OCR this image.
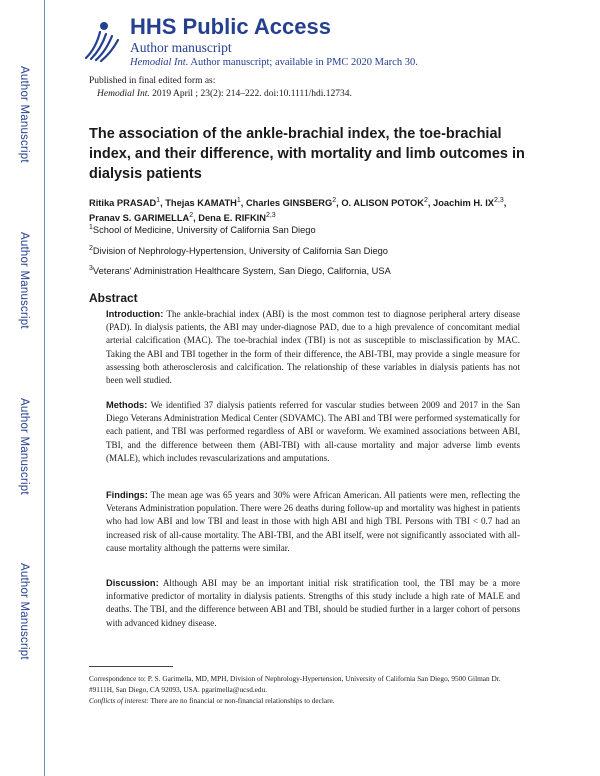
Author Manuscript
Author Manuscript
Author Manuscript
Author Manuscript
HHS Public Access
Author manuscript
Hemodial Int. Author manuscript; available in PMC 2020 March 30.
Published in final edited form as:
Hemodial Int. 2019 April ; 23(2): 214–222. doi:10.1111/hdi.12734.
The association of the ankle-brachial index, the toe-brachial index, and their difference, with mortality and limb outcomes in dialysis patients
Ritika PRASAD$^1$, Thejas KAMATH$^1$, Charles GINSBERG$^2$, O. ALISON POTOK$^2$, Joachim H. IX$^{2,3}$, Pranav S. GARIMELLA$^2$, Dena E. RIFKIN$^{2,3}$
$^1$School of Medicine, University of California San Diego
$^2$Division of Nephrology-Hypertension, University of California San Diego
$^3$Veterans' Administration Healthcare System, San Diego, California, USA
Abstract
Introduction: The ankle-brachial index (ABI) is the most common test to diagnose peripheral artery disease (PAD). In dialysis patients, the ABI may under-diagnose PAD, due to a high prevalence of concomitant medial arterial calcification (MAC). The toe-brachial index (TBI) is not as susceptible to misclassification by MAC. Taking the ABI and TBI together in the form of their difference, the ABI-TBI, may provide a single measure for assessing both atherosclerosis and calcification. The relationship of these variables in dialysis patients has not been well studied.
Methods: We identified 37 dialysis patients referred for vascular studies between 2009 and 2017 in the San Diego Veterans Administration Medical Center (SDVAMC). The ABI and TBI were performed systematically for each patient, and TBI was performed regardless of ABI or waveform. We examined associations between ABI, TBI, and the difference between them (ABI-TBI) with all-cause mortality and major adverse limb events (MALE), which includes revascularizations and amputations.
Findings: The mean age was 65 years and 30% were African American. All patients were men, reflecting the Veterans Administration population. There were 26 deaths during follow-up and mortality was highest in patients who had low ABI and low TBI and least in those with high ABI and high TBI. Persons with TBI < 0.7 had an increased risk of all-cause mortality. The ABI-TBI, and the ABI itself, were not significantly associated with all-cause mortality although the patterns were similar.
Discussion: Although ABI may be an important initial risk stratification tool, the TBI may be a more informative predictor of mortality in dialysis patients. Strengths of this study include a high rate of MALE and deaths. The TBI, and the difference between ABI and TBI, should be studied further in a larger cohort of persons with advanced kidney disease.
Correspondence to: P. S. Garimella, MD, MPH, Division of Nephrology-Hypertension, University of California San Diego, 9500 Gilman Dr. #9111H, San Diego, CA 92093, USA. pgarimella@ucsd.edu.
Conflicts of interest: There are no financial or non-financial relationships to declare.
